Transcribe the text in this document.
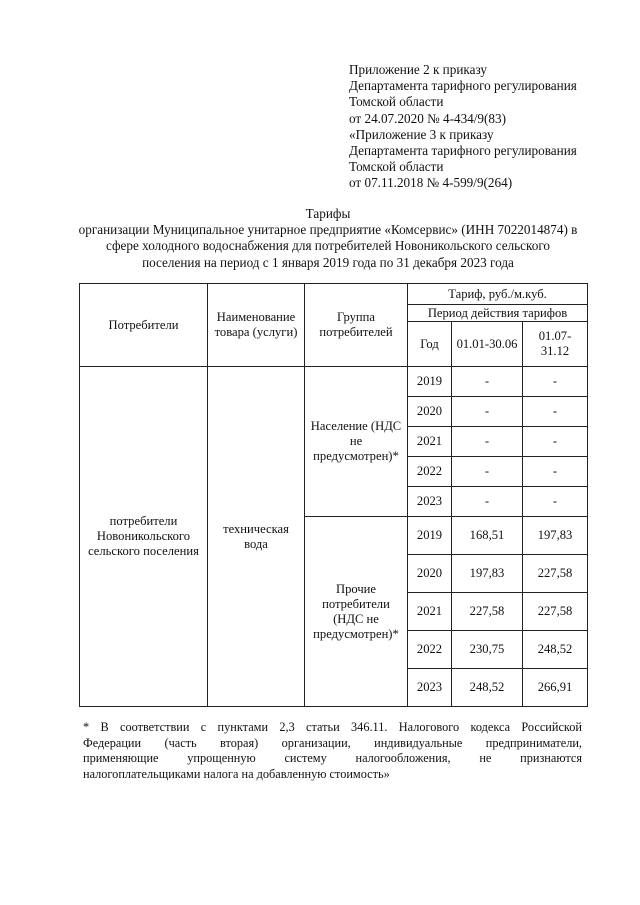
Приложение 2 к приказу
Департамента тарифного регулирования
Томской области
от 24.07.2020 № 4-434/9(83)
«Приложение 3 к приказу
Департамента тарифного регулирования
Томской области
от 07.11.2018 № 4-599/9(264)
Тарифы
организации Муниципальное унитарное предприятие «Комсервис» (ИНН 7022014874) в сфере холодного водоснабжения для потребителей Новоникольского сельского поселения на период с 1 января 2019 года по 31 декабря 2023 года
Потребители	Наименование товара (услуги)	Группа потребителей	Тариф, руб./м.куб.		
			Период действия тарифов		
			Год	01.01-30.06	01.07-31.12
потребители Новоникольского сельского поселения	техническая вода	Население (НДС не предусмотрен)*	2019	-	-
			2020	-	-
			2021	-	-
			2022	-	-
			2023	-	-
		Прочие потребители (НДС не предусмотрен)*	2019	168,51	197,83
			2020	197,83	227,58
			2021	227,58	227,58
			2022	230,75	248,52
			2023	248,52	266,91
* В соответствии с пунктами 2,3 статьи 346.11. Налогового кодекса Российской
Федерации (часть вторая) организации, индивидуальные предприниматели,
применяющие упрощенную систему налогообложения, не признаются
налогоплательщиками налога на добавленную стоимость»
